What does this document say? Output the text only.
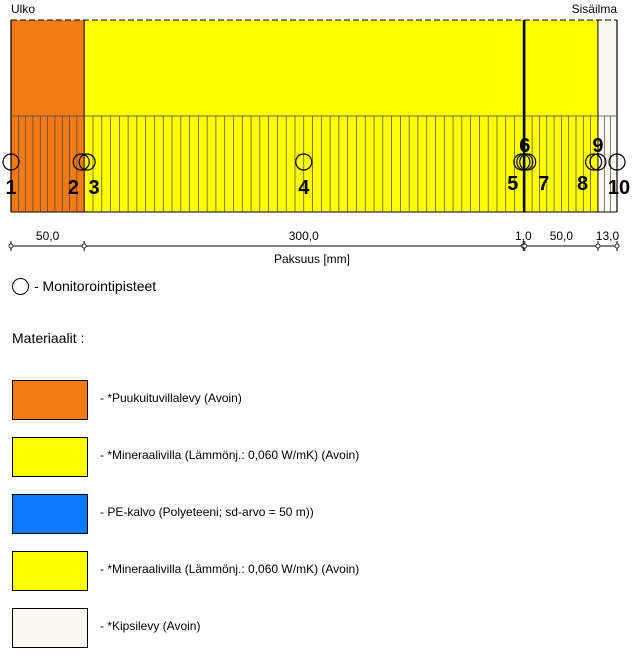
Ulko	Sisäilma
1	2 3	4	5
6
7 8
9
10
50,0	300,0	1,0 50,0 13,0
Paksuus [mm]
- Monitorointipisteet
Materiaalit :
- *Puukuituvillalevy (Avoin)
- *Mineraalivilla (Lämmönj.: 0,060 W/mK) (Avoin)
- PE-kalvo (Polyeteeni; sd-arvo = 50 m))
- *Mineraalivilla (Lämmönj.: 0,060 W/mK) (Avoin)
- *Kipsilevy (Avoin)
